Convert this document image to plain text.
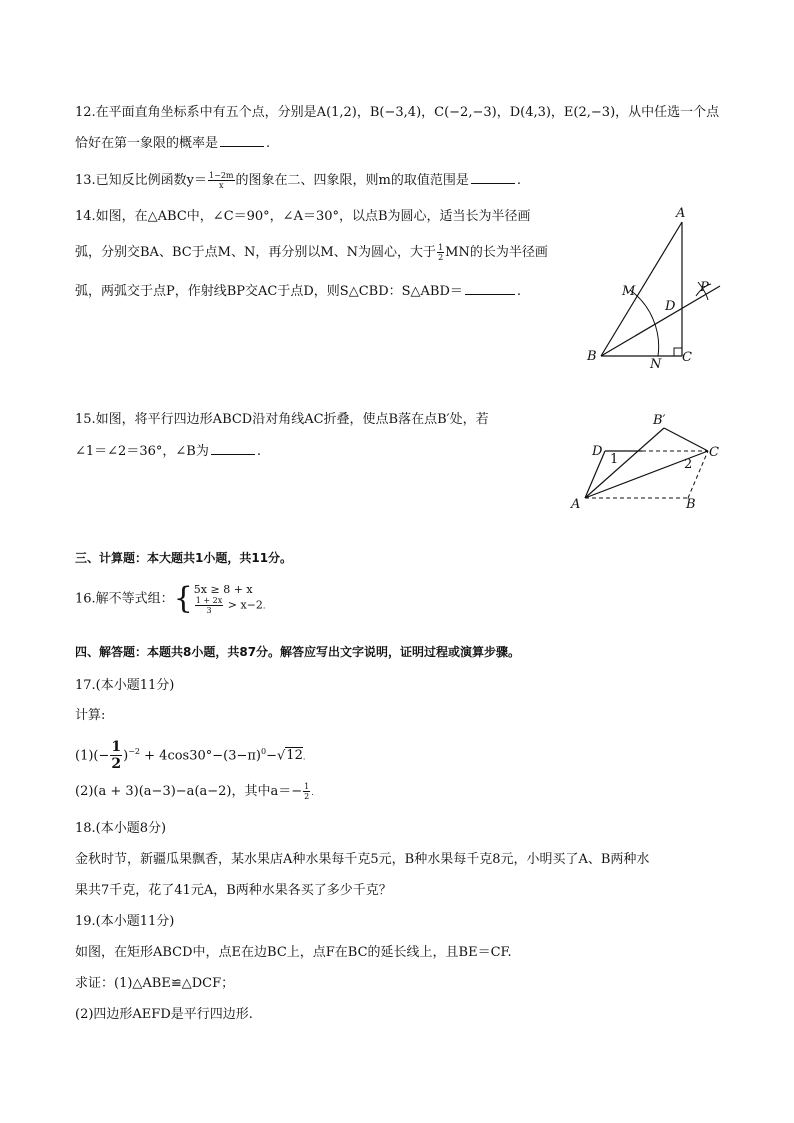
12.在平面直角坐标系中有五个点，分别是A(1,2)，B(−3,4)，C(−2,−3)，D(4,3)，E(2,−3)，从中任选一个点
恰好在第一象限的概率是	.
13.已知反比例函数$y= \frac{1-2m}{x}$ 的图象在二、四象限，则m的取值范围是	.
14.如图，在△ABC中，∠C＝90°，∠A＝30°，以点B为圆心，适当长为半径画
弧，分别交BA、BC于点M、N，再分别以M、N为圆心，大于 $\frac{1}{2}$ MN的长为半径画
弧，两弧交于点P，作射线BP交AC于点D，则S△CBD：S△ABD＝	.
A
M
D
P
B
N C
15.如图，将平行四边形ABCD沿对角线AC折叠，使点B落在点B′处，若
∠1＝∠2＝36°，∠B为	.
B′
D
1	2
C
A	B
三、计算题：本大题共1小题，共11分。
16.解不等式组： { 5x ≥ 8 + x
$\frac{1 + 2x}{3} > x-2$.
四、解答题：本题共8小题，共87分。解答应写出文字说明，证明过程或演算步骤。
17.(本小题11分)
计算:
$(1)(- \frac{1}{2} )^{-2} + 4\cos 30^\circ-(3-\pi)^0-√12$.
(2)(a + 3)(a−3)−a(a−2)，其中$a=- \frac{1}{2}$ .
18.(本小题8分)
金秋时节，新疆瓜果飘香，某水果店A种水果每千克5元，B种水果每千克8元，小明买了A、B两种水
果共7千克，花了41元A，B两种水果各买了多少千克？
19.(本小题11分)
如图，在矩形ABCD中，点E在边BC上，点F在BC的延长线上，且BE＝CF.
求证：(1)△ABE≌△DCF；
(2)四边形AEFD是平行四边形.
